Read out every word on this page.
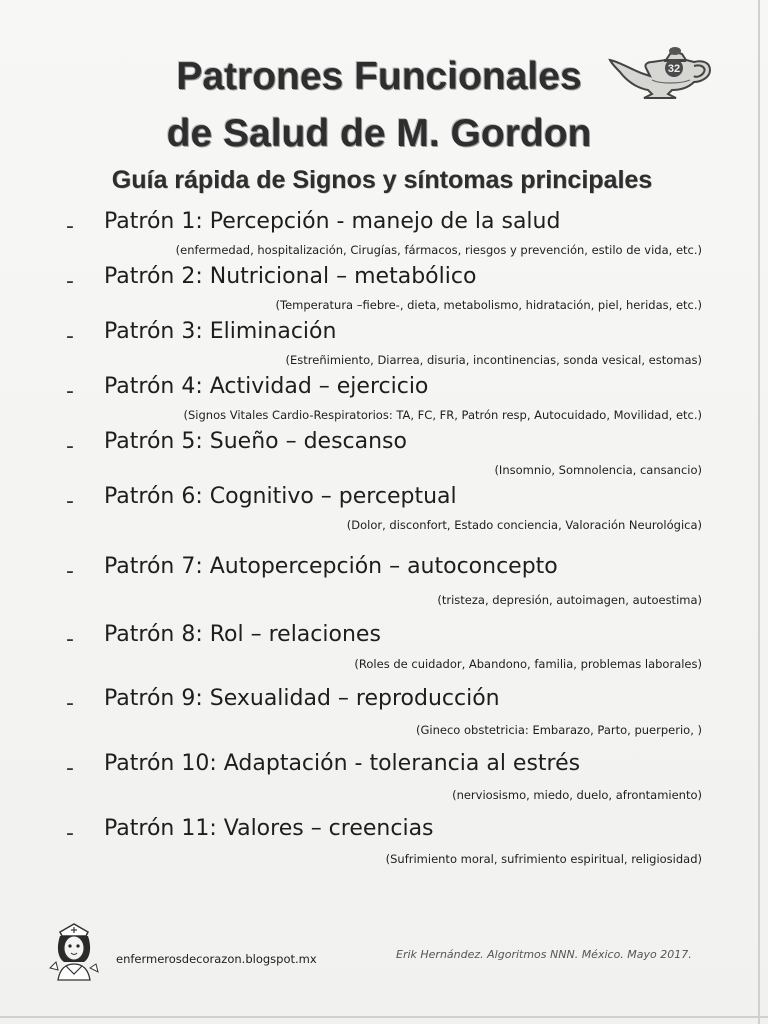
Patrones Funcionales
de Salud de M. Gordon
Guía rápida de Signos y síntomas principales
32
- Patrón 1: Percepción - manejo de la salud
(enfermedad, hospitalización, Cirugías, fármacos, riesgos y prevención, estilo de vida, etc.)
- Patrón 2: Nutricional – metabólico
(Temperatura –fiebre-, dieta, metabolismo, hidratación, piel, heridas, etc.)
- Patrón 3: Eliminación
(Estreñimiento, Diarrea, disuria, incontinencias, sonda vesical, estomas)
- Patrón 4: Actividad – ejercicio
(Signos Vitales Cardio-Respiratorios: TA, FC, FR, Patrón resp, Autocuidado, Movilidad, etc.)
- Patrón 5: Sueño – descanso
(Insomnio, Somnolencia, cansancio)
- Patrón 6: Cognitivo – perceptual
(Dolor, disconfort, Estado conciencia, Valoración Neurológica)
- Patrón 7: Autopercepción – autoconcepto
(tristeza, depresión, autoimagen, autoestima)
- Patrón 8: Rol – relaciones
(Roles de cuidador, Abandono, familia, problemas laborales)
- Patrón 9: Sexualidad – reproducción
(Gineco obstetricia: Embarazo, Parto, puerperio, )
- Patrón 10: Adaptación - tolerancia al estrés
(nerviosismo, miedo, duelo, afrontamiento)
- Patrón 11: Valores – creencias
(Sufrimiento moral, sufrimiento espiritual, religiosidad)
enfermerosdecorazon.blogspot.mx	Erik Hernández. Algoritmos NNN. México. Mayo 2017.
